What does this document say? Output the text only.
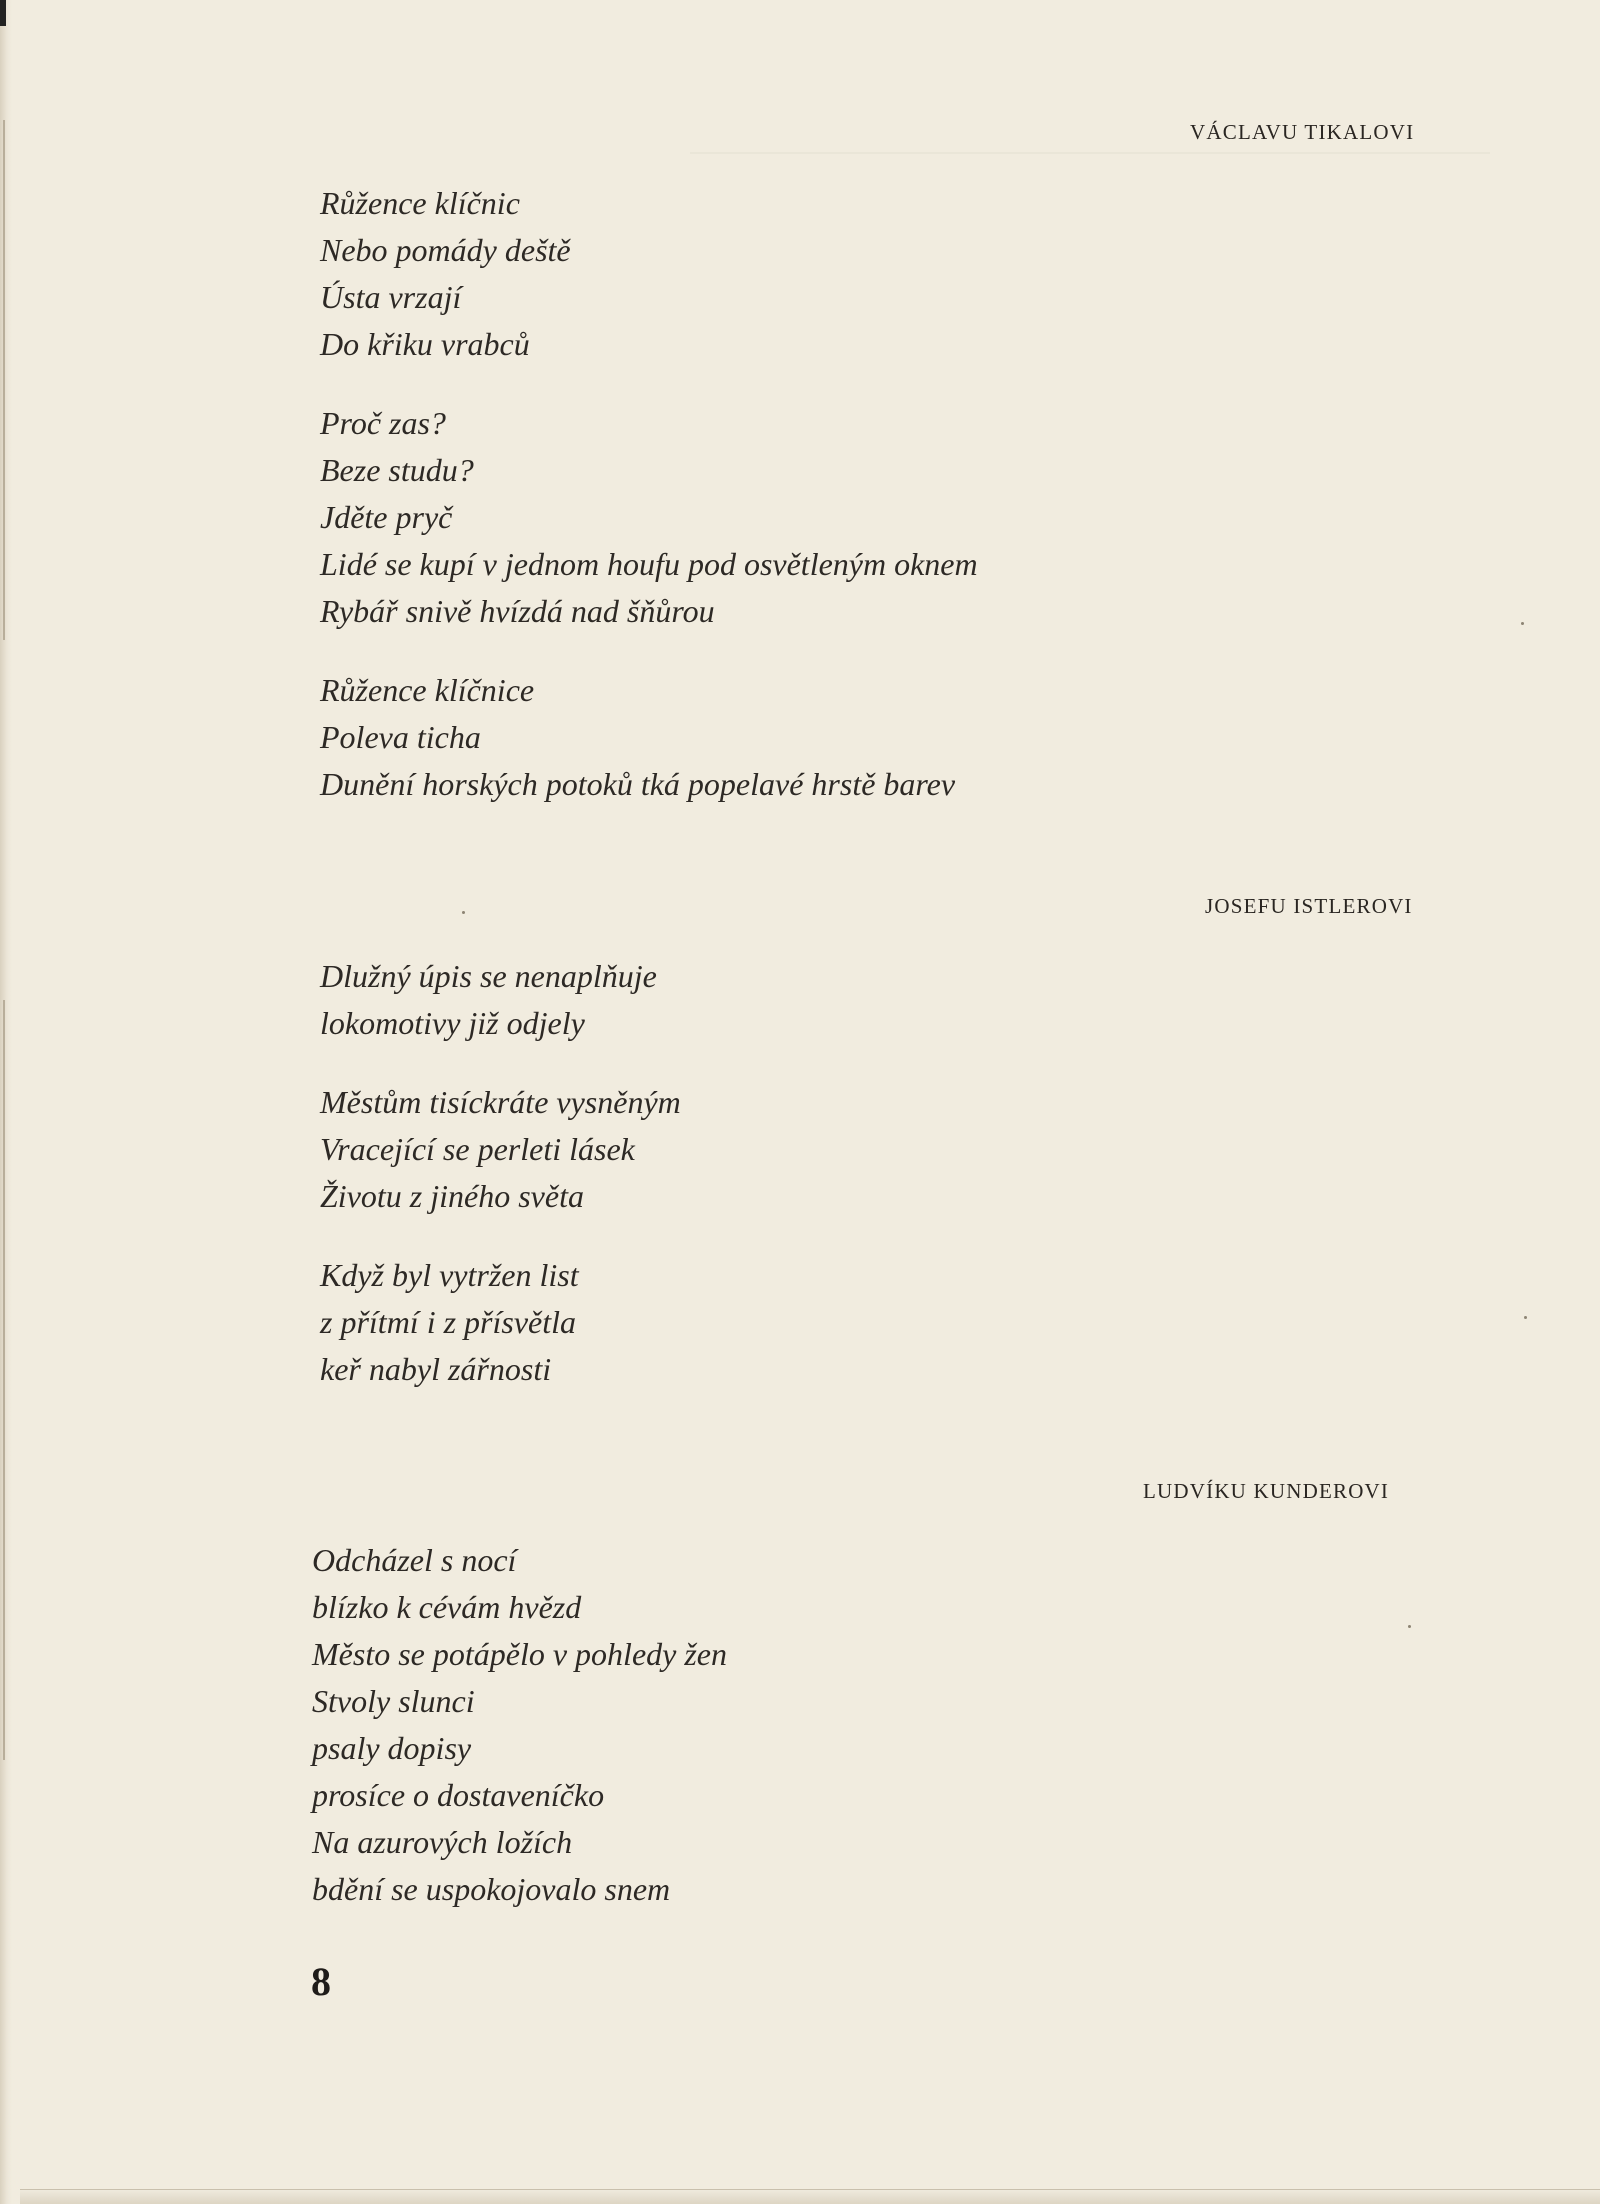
VÁCLAVU TIKALOVI
Růžence klíčnic
Nebo pomády deště
Ústa vrzají
Do křiku vrabců
Proč zas?
Beze studu?
Jděte pryč
Lidé se kupí v jednom houfu pod osvětleným oknem
Rybář snivě hvízdá nad šňůrou
Růžence klíčnice
Poleva ticha
Dunění horských potoků tká popelavé hrstě barev
JOSEFU ISTLEROVI
Dlužný úpis se nenaplňuje
lokomotivy již odjely
Městům tisíckráte vysněným
Vracející se perleti lásek
Životu z jiného světa
Když byl vytržen list
z přítmí i z přísvětla
keř nabyl zářnosti
LUDVÍKU KUNDEROVI
Odcházel s nocí
blízko k cévám hvězd
Město se potápělo v pohledy žen
Stvoly slunci
psaly dopisy
prosíce o dostaveníčko
Na azurových ložích
bdění se uspokojovalo snem
8
